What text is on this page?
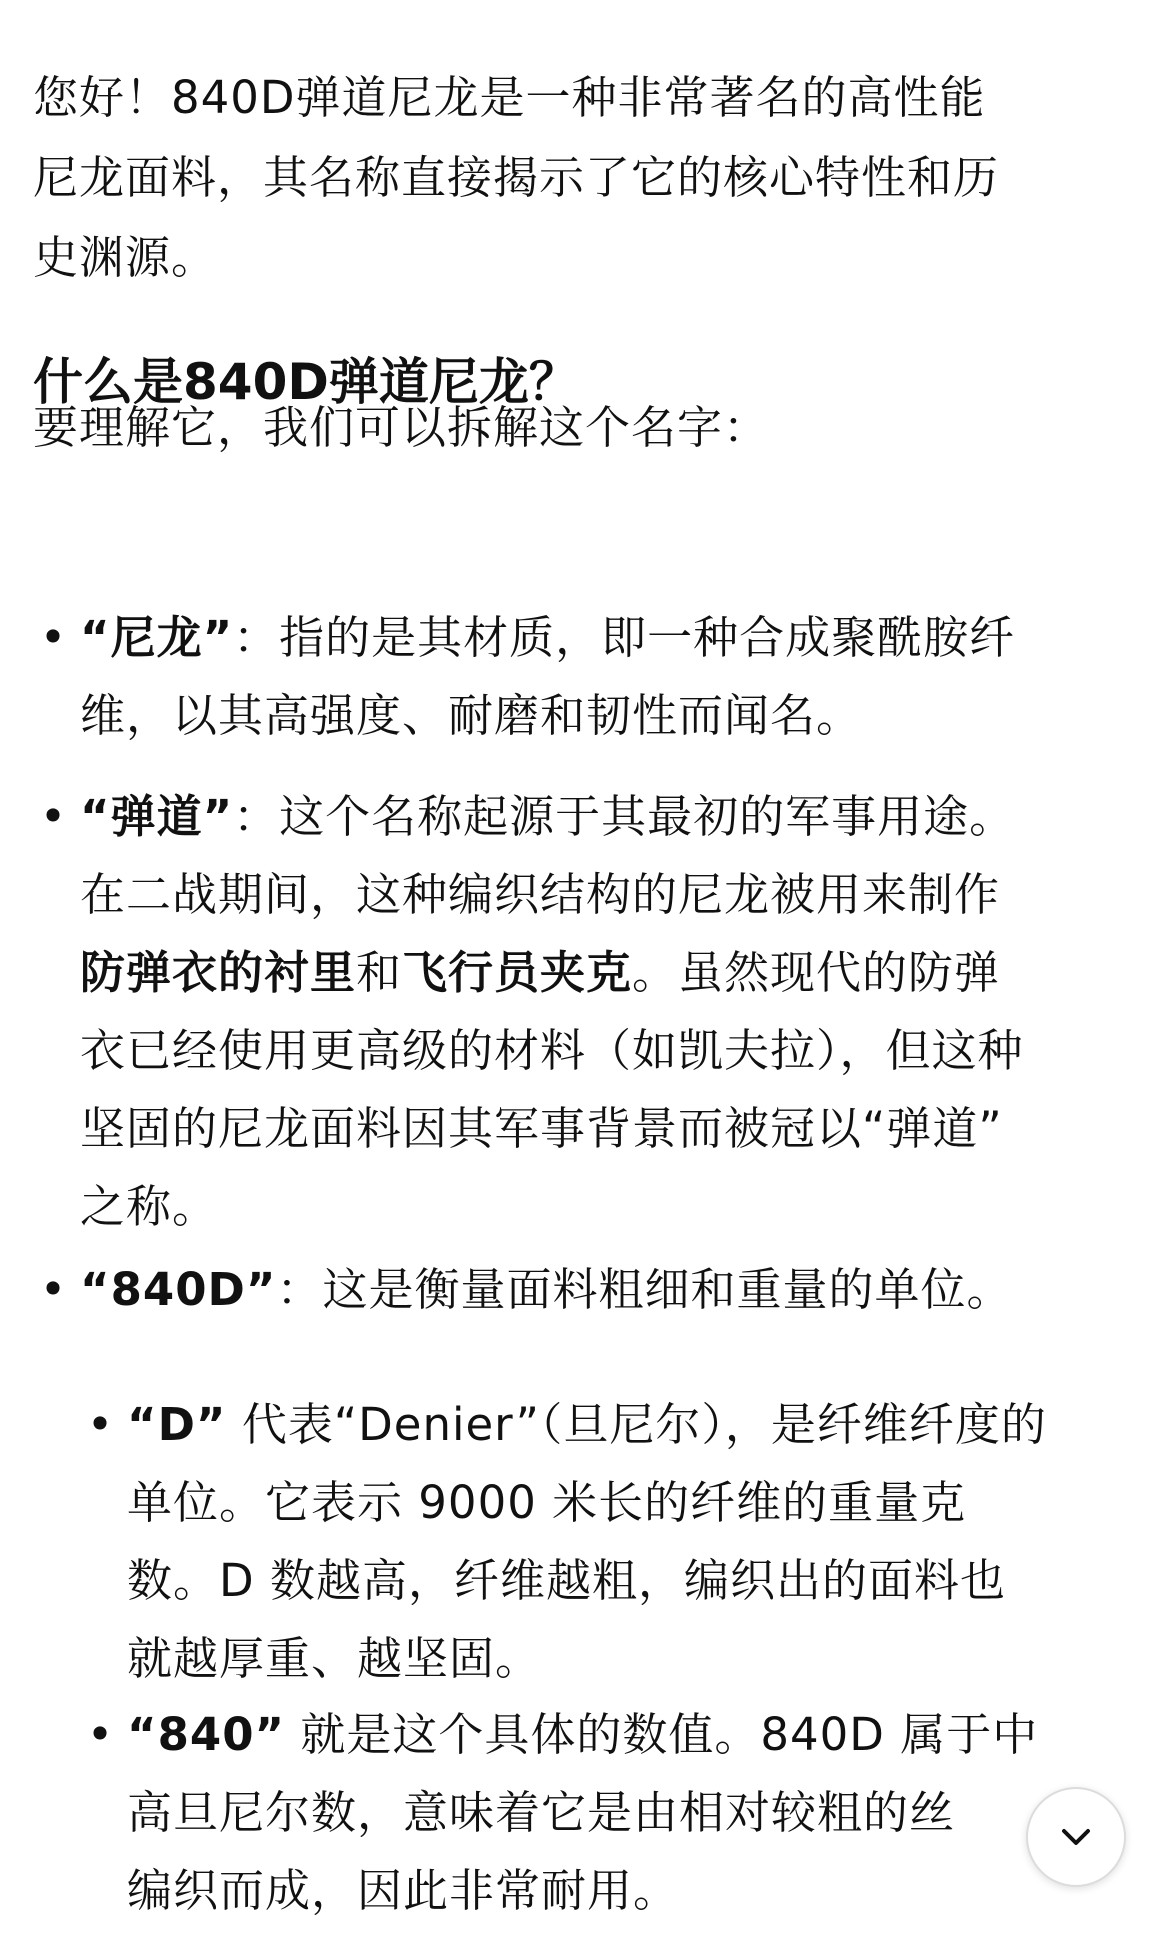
您好！840D弹道尼龙是一种非常著名的高性能

尼龙面料，其名称直接揭示了它的核心特性和历

史渊源。

什么是840D弹道尼龙？

要理解它，我们可以拆解这个名字：

• “尼龙”：指的是其材质，即一种合成聚酰胺纤
维，以其高强度、耐磨和韧性而闻名。
• “弹道”：这个名称起源于其最初的军事用途。
在二战期间，这种编织结构的尼龙被用来制作
防弹衣的衬里和飞行员夹克。虽然现代的防弹
衣已经使用更高级的材料（如凯夫拉），但这种
坚固的尼龙面料因其军事背景而被冠以“弹道”
之称。
• “840D”：这是衡量面料粗细和重量的单位。
• “D” 代表“Denier”（旦尼尔），是纤维纤度的
单位。它表示 9000 米长的纤维的重量克
数。D 数越高，纤维越粗，编织出的面料也
就越厚重、越坚固。
• “840” 就是这个具体的数值。840D 属于中
高旦尼尔数，意味着它是由相对较粗的丝
编织而成，因此非常耐用。
